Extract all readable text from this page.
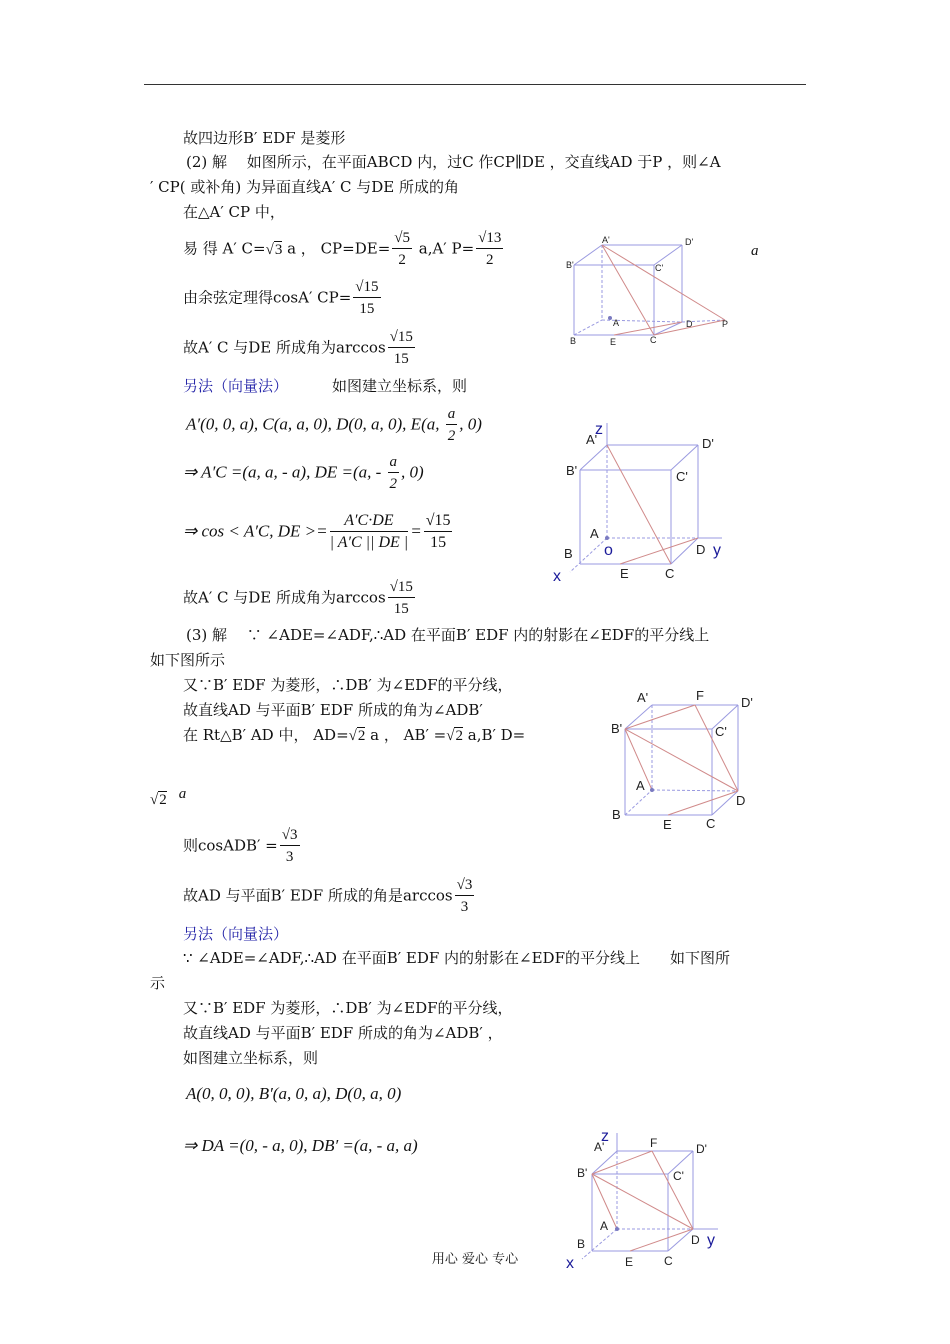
故四边形B′ EDF 是菱形
(2) 解　 如图所示，在平面ABCD 内，过C 作CP∥DE ，交直线AD 于P ，则∠A
′ CP( 或补角) 为异面直线A′ C 与DE 所成的角
在△A′ CP 中，
易 得 A′ C=√3 a ， $CP=DE= \frac{√5}{2} a,A'$ $P= \frac{√13}{2}$	a
由余弦定理得cosA′ $CP= \frac{√15}{15}$
故A′ C 与DE 所成角为$\arccos \frac{√15}{15}$
另法（向量法）	如图建立坐标系，则
A′(0, 0, a), C(a, a, 0), D(0, a, 0), E(a, $\frac{a}{2}$ , 0)
⇒ A′C =(a, a, - a), DE =(a, - $\frac{a}{2}$ , 0)
⇒ cos < A′C, DE >= $\frac{A'C\cdot DE}{| A'C || DE |} = \frac{√15}{15}$
故A′ C 与DE 所成角为$\arccos \frac{√15}{15}$
(3) 解　 ∵ ∠ADE=∠ADF,∴AD 在平面B′ EDF 内的射影在∠EDF的平分线上
如下图所示
又∵B′ EDF 为菱形，∴DB′ 为∠EDF的平分线，
故直线AD 与平面B′ EDF 所成的角为∠ADB′
在 Rt△B′ AD 中， AD=√2 a ， AB′ =√2 a,B′ D=
√2 a
则cosADB′ = $\frac{√3}{3}$
故AD 与平面B′ EDF 所成的角是$\arccos \frac{√3}{3}$
另法（向量法）
∵ ∠ADE=∠ADF,∴AD 在平面B′ EDF 内的射影在∠EDF的平分线上　　如下图所
示
又∵B′ EDF 为菱形，∴DB′ 为∠EDF的平分线，
故直线AD 与平面B′ EDF 所成的角为∠ADB′ ，
如图建立坐标系，则
A(0, 0, 0), B′(a, 0, a), D(0, a, 0)
⇒ DA =(0, - a, 0), DB′ =(a, - a, a)
A'	D'
B'	C'
A	D	P
B	E	C
z
A'	D'
B'	C'
A
o	D y
B
x	E	C
A'	F	D'
B'	C'
A
D
B
E	C
z
A'	F	D'
B'	C'
A
D y
B
x	E	C
用心 爱心 专心
